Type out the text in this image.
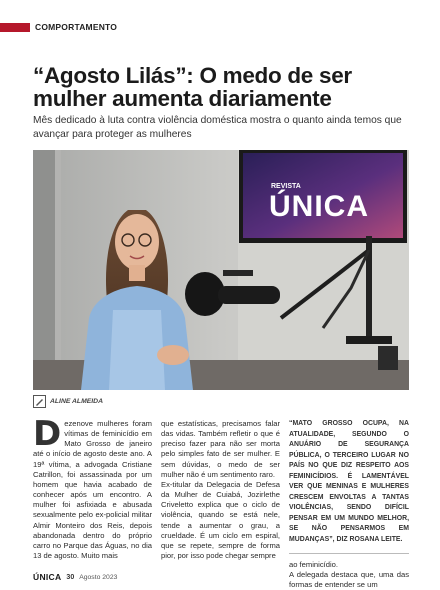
COMPORTAMENTO
“Agosto Lilás”: O medo de ser mulher aumenta diariamente

Mês dedicado à luta contra violência doméstica mostra o quanto ainda temos que avançar para proteger as mulheres

REVISTA
ÚNICA
ALINE ALMEIDA
D ezenove mulheres foram vítimas de feminicídio em Mato Grosso de janeiro até o início de agosto deste ano. A 19ª vítima, a advogada Cristiane Catrillon, foi assassinada por um homem que havia acabado de conhecer após um encontro. A mulher foi asfixiada e abusada sexualmente pelo ex-policial militar Almir Monteiro dos Reis, depois abandonada dentro do próprio carro no Parque das Águas, no dia 13 de agosto. Muito mais

que estatísticas, precisamos falar das vidas. Também refletir o que é preciso fazer para não ser morta pelo simples fato de ser mulher. E sem dúvidas, o medo de ser mulher não é um sentimento raro.

Ex-titular da Delegacia de Defesa da Mulher de Cuiabá, Jozirlethe Criveletto explica que o ciclo de violência, quando se está nele, tende a aumentar o grau, a crueldade. É um ciclo em espiral, que se repete, sempre de forma pior, por isso pode chegar sempre

“MATO GROSSO OCUPA, NA ATUALIDADE, SEGUNDO O ANUÁRIO DE SEGURANÇA PÚBLICA, O TERCEIRO LUGAR NO PAÍS NO QUE DIZ RESPEITO AOS FEMINICÍDIOS. É LAMENTÁVEL VER QUE MENINAS E MULHERES CRESCEM ENVOLTAS A TANTAS VIOLÊNCIAS, SENDO DIFÍCIL PENSAR EM UM MUNDO MELHOR, SE NÃO PENSARMOS EM MUDANÇAS”, DIZ ROSANA LEITE.

ao feminicídio.

A delegada destaca que, uma das formas de entender se um

ÚNICA 30 Agosto 2023
